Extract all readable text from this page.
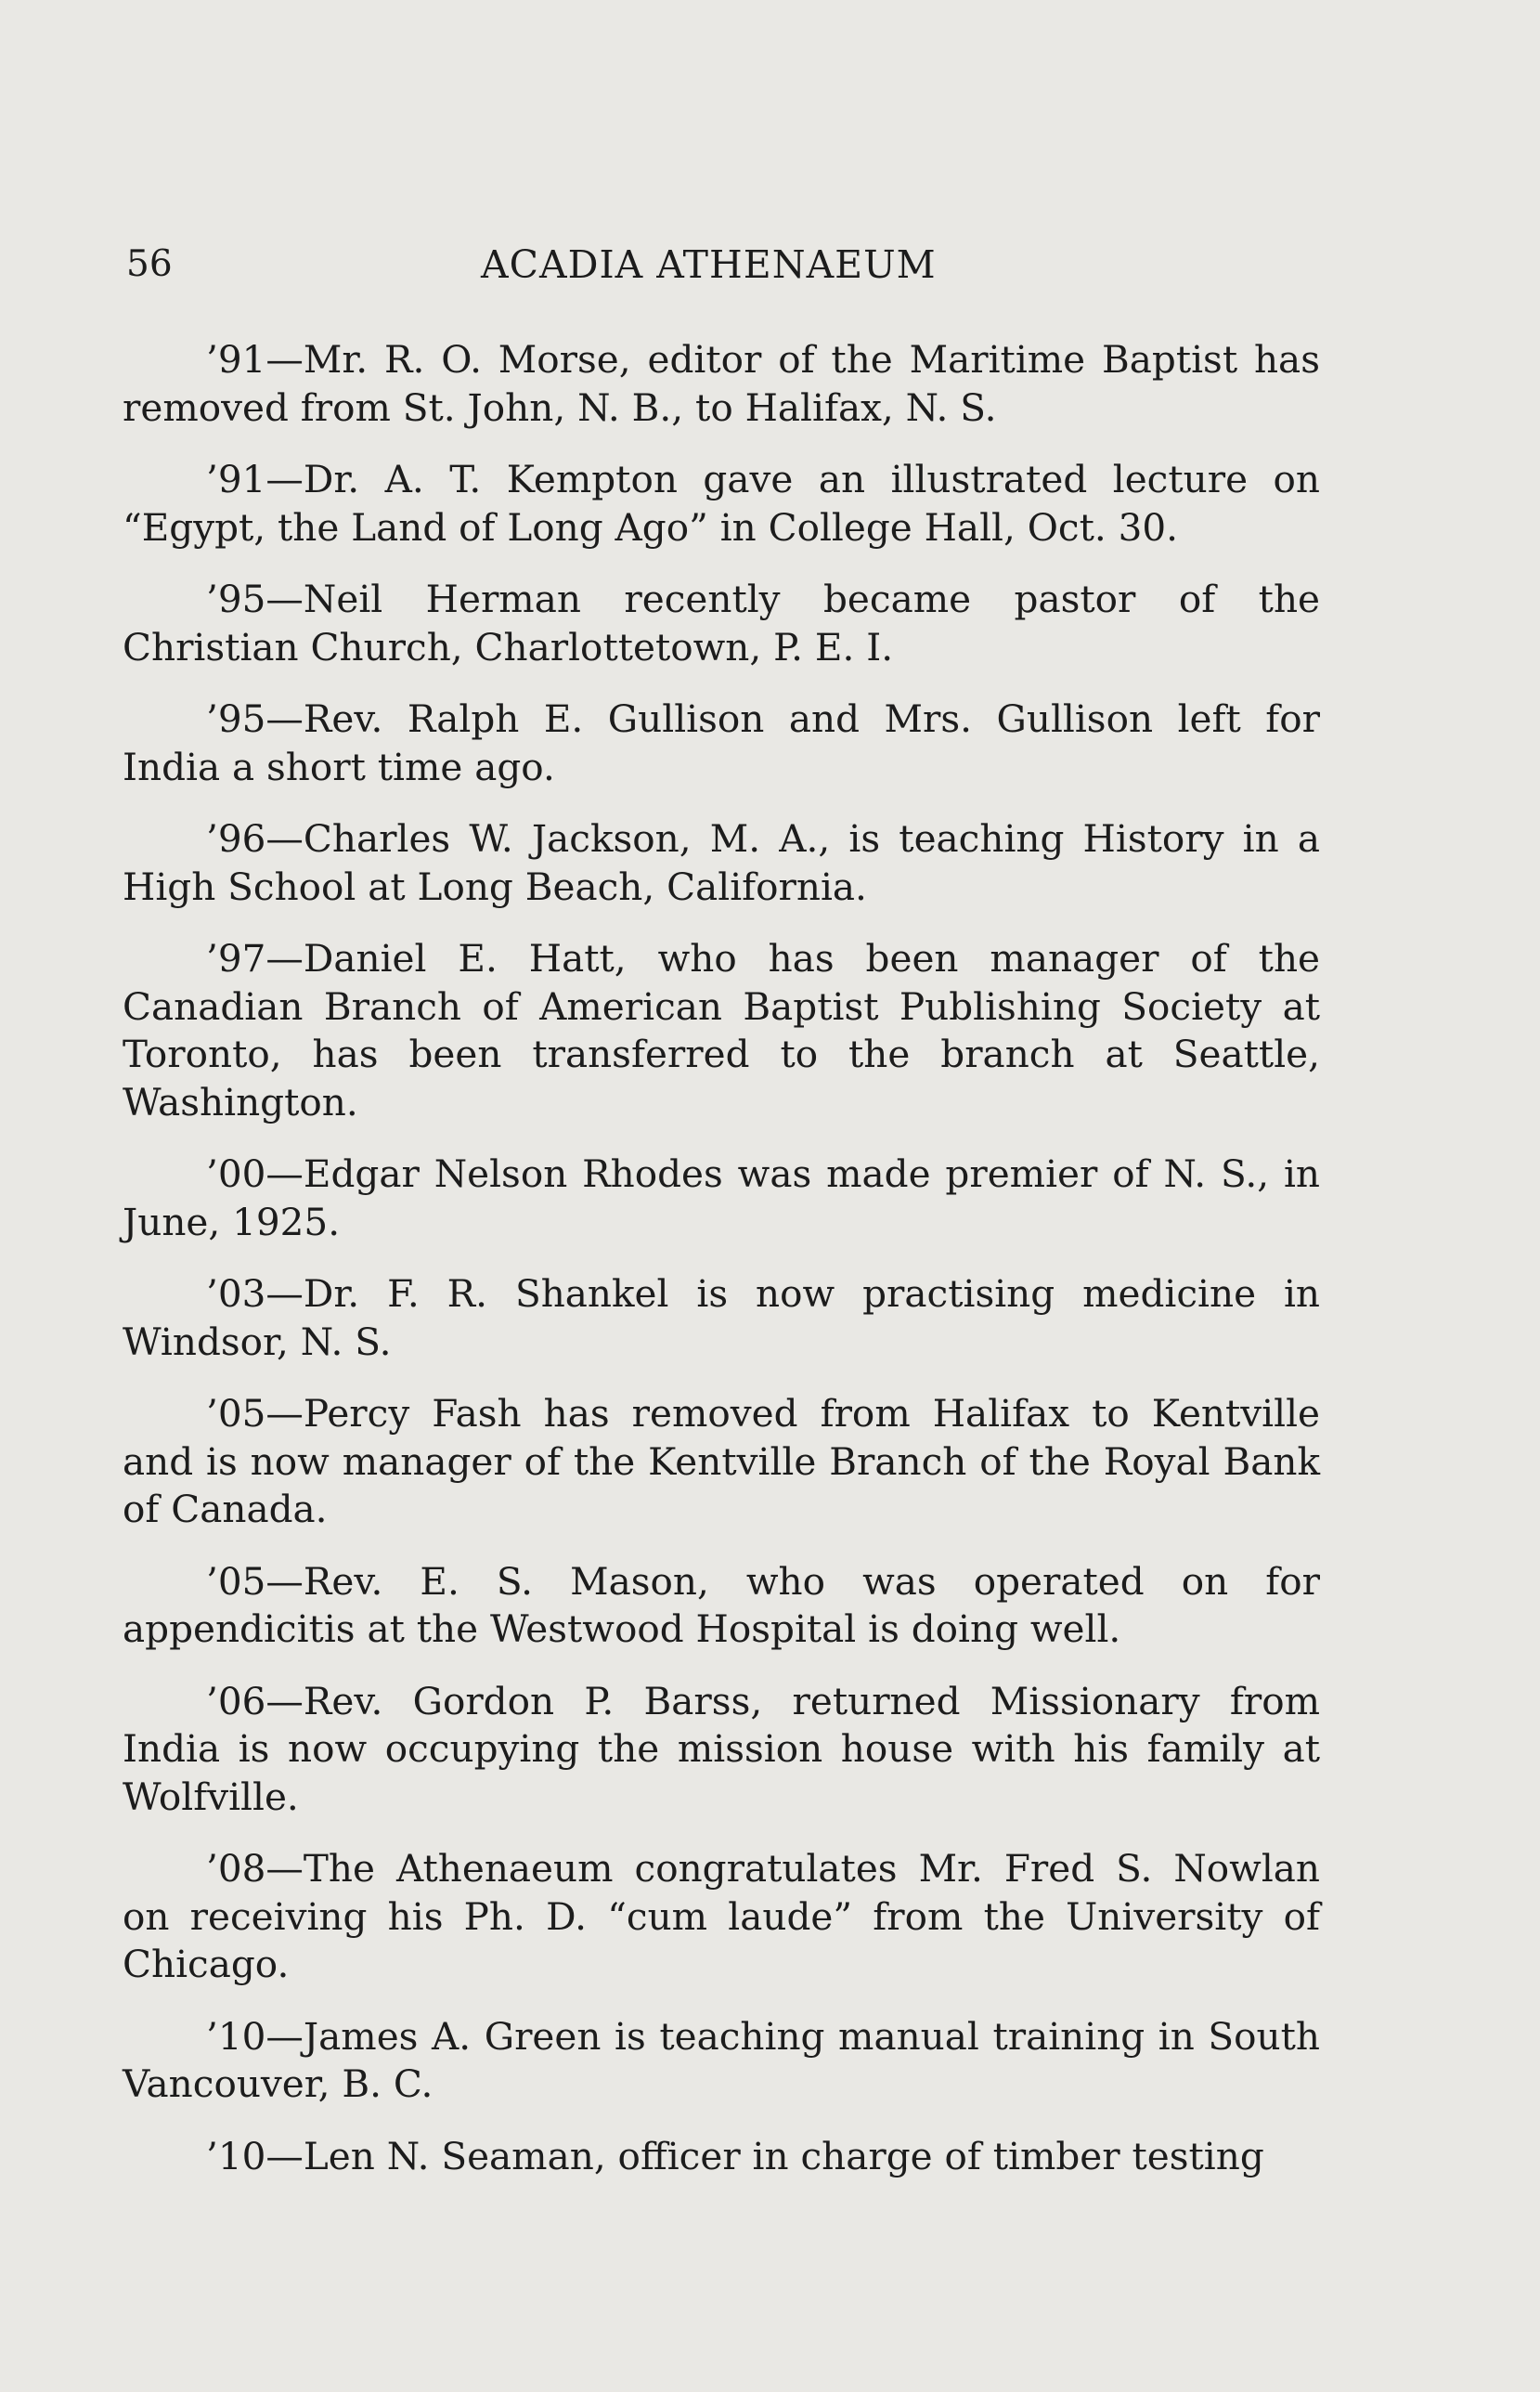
56	ACADIA ATHENAEUM

’91—Mr. R. O. Morse, editor of the Maritime Baptist has removed from St. John, N. B., to Halifax, N. S.

’91—Dr. A. T. Kempton gave an illustrated lecture on “Egypt, the Land of Long Ago” in College Hall, Oct. 30.

’95—Neil Herman recently became pastor of the Christian Church, Charlottetown, P. E. I.

’95—Rev. Ralph E. Gullison and Mrs. Gullison left for India a short time ago.

’96—Charles W. Jackson, M. A., is teaching History in a High School at Long Beach, California.

’97—Daniel E. Hatt, who has been manager of the Canadian Branch of American Baptist Publishing Society at Toronto, has been transferred to the branch at Seattle, Washington.

’00—Edgar Nelson Rhodes was made premier of N. S., in June, 1925.

’03—Dr. F. R. Shankel is now practising medicine in Windsor, N. S.

’05—Percy Fash has removed from Halifax to Kentville and is now manager of the Kentville Branch of the Royal Bank of Canada.

’05—Rev. E. S. Mason, who was operated on for appendicitis at the Westwood Hospital is doing well.

’06—Rev. Gordon P. Barss, returned Missionary from India is now occupying the mission house with his family at Wolfville.

’08—The Athenaeum congratulates Mr. Fred S. Nowlan on receiving his Ph. D. “cum laude” from the University of Chicago.

’10—James A. Green is teaching manual training in South Vancouver, B. C.

’10—Len N. Seaman, officer in charge of timber testing
